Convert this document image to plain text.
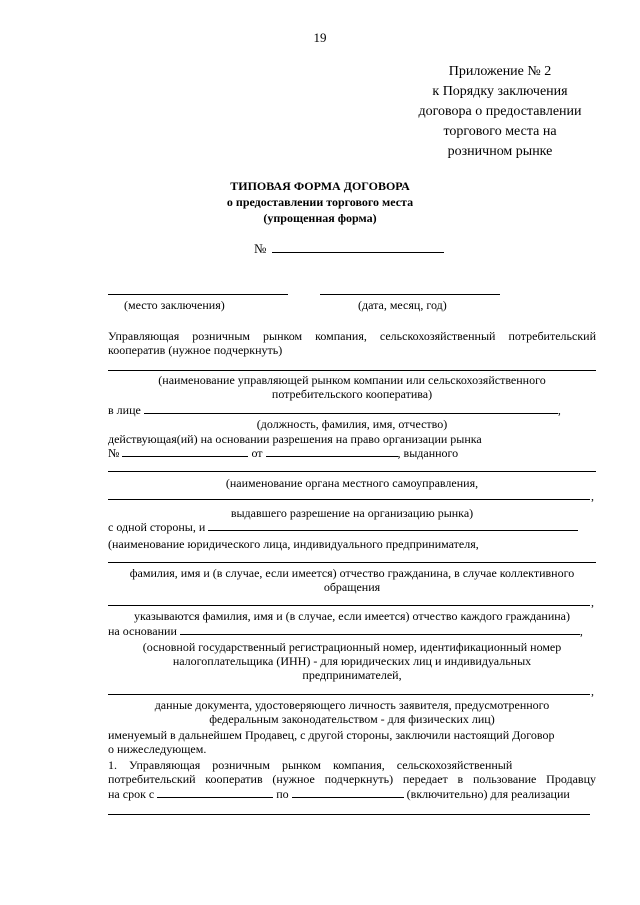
19
Приложение № 2
к Порядку заключения
договора о предоставлении
торгового места на
розничном рынке
ТИПОВАЯ ФОРМА ДОГОВОРА
о предоставлении торгового места
(упрощенная форма)
№
(место заключения)	(дата, месяц, год)
Управляющая розничным рынком компания, сельскохозяйственный потребительский
кооператив (нужное подчеркнуть)
(наименование управляющей рынком компании или сельскохозяйственного
потребительского кооператива)
в лице	,
(должность, фамилия, имя, отчество)
действующая(ий) на основании разрешения на право организации рынка
№	от	, выданного
(наименование органа местного самоуправления,
,
выдавшего разрешение на организацию рынка)
с одной стороны, и
(наименование юридического лица, индивидуального предпринимателя,
фамилия, имя и (в случае, если имеется) отчество гражданина, в случае коллективного
обращения
,
указываются фамилия, имя и (в случае, если имеется) отчество каждого гражданина)
на основании	,
(основной государственный регистрационный номер, идентификационный номер
налогоплательщика (ИНН) - для юридических лиц и индивидуальных
предпринимателей,
,
данные документа, удостоверяющего личность заявителя, предусмотренного
федеральным законодательством - для физических лиц)
именуемый в дальнейшем Продавец, с другой стороны, заключили настоящий Договор
о нижеследующем.
1.    Управляющая    розничным    рынком    компания,    сельскохозяйственный
потребительский кооператив (нужное подчеркнуть) передает в пользование Продавцу
на срок с	по	(включительно) для реализации
